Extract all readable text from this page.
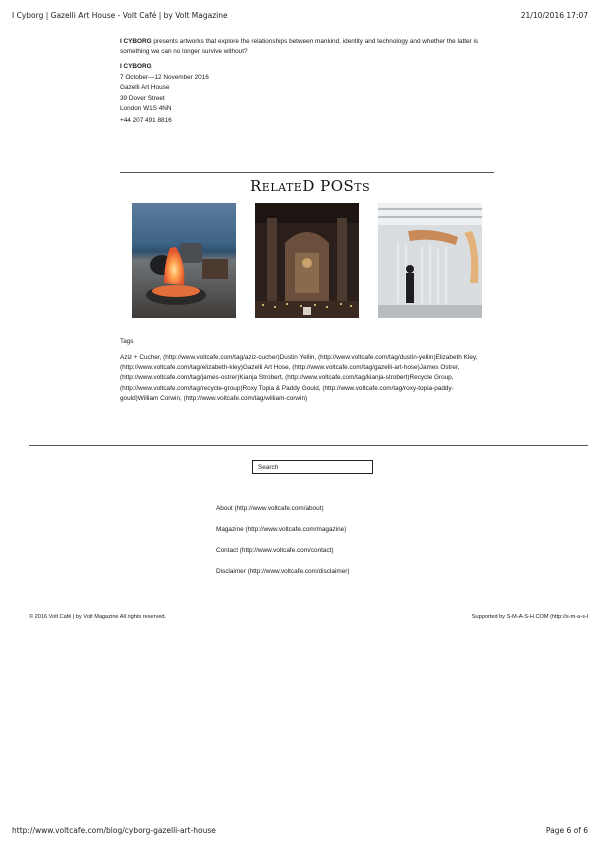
I Cyborg | Gazelli Art House - Volt Café | by Volt Magazine	21/10/2016 17:07
I CYBORG presents artworks that explore the relationships between mankind, identity and technology and whether the latter is something we can no longer survive without?
I CYBORG
7 October—12 November 2016
Gazelli Art House
39 Dover Street
London W1S 4NN
+44 207 491 8816
RelateD POSts
Tags
Aziz + Cucher, (http://www.voltcafe.com/tag/aziz-cucher)Dustin Yellin, (http://www.voltcafe.com/tag/dustin-yellin)Elizabeth Kley, (http://www.voltcafe.com/tag/elizabeth-kley)Gazelli Art Hose, (http://www.voltcafe.com/tag/gazelli-art-hose)James Ostrer, (http://www.voltcafe.com/tag/james-ostrer)Kianja Strobert, (http://www.voltcafe.com/tag/kianja-strobert)Recycle Group, (http://www.voltcafe.com/tag/recycle-group)Roxy Topia & Paddy Gould, (http://www.voltcafe.com/tag/roxy-topia-paddy-gould)William Corwin, (http://www.voltcafe.com/tag/william-corwin)
Search
About (http://www.voltcafe.com/about)
Magazine (http://www.voltcafe.com/magazine)
Contact (http://www.voltcafe.com/contact)
Disclaimer (http://www.voltcafe.com/disclaimer)
© 2016 Volt Café | by Volt Magazine All rights reserved.	Supported by S-M-A-S-H.COM (http://s-m-a-s-l
http://www.voltcafe.com/blog/cyborg-gazelli-art-house	Page 6 of 6
